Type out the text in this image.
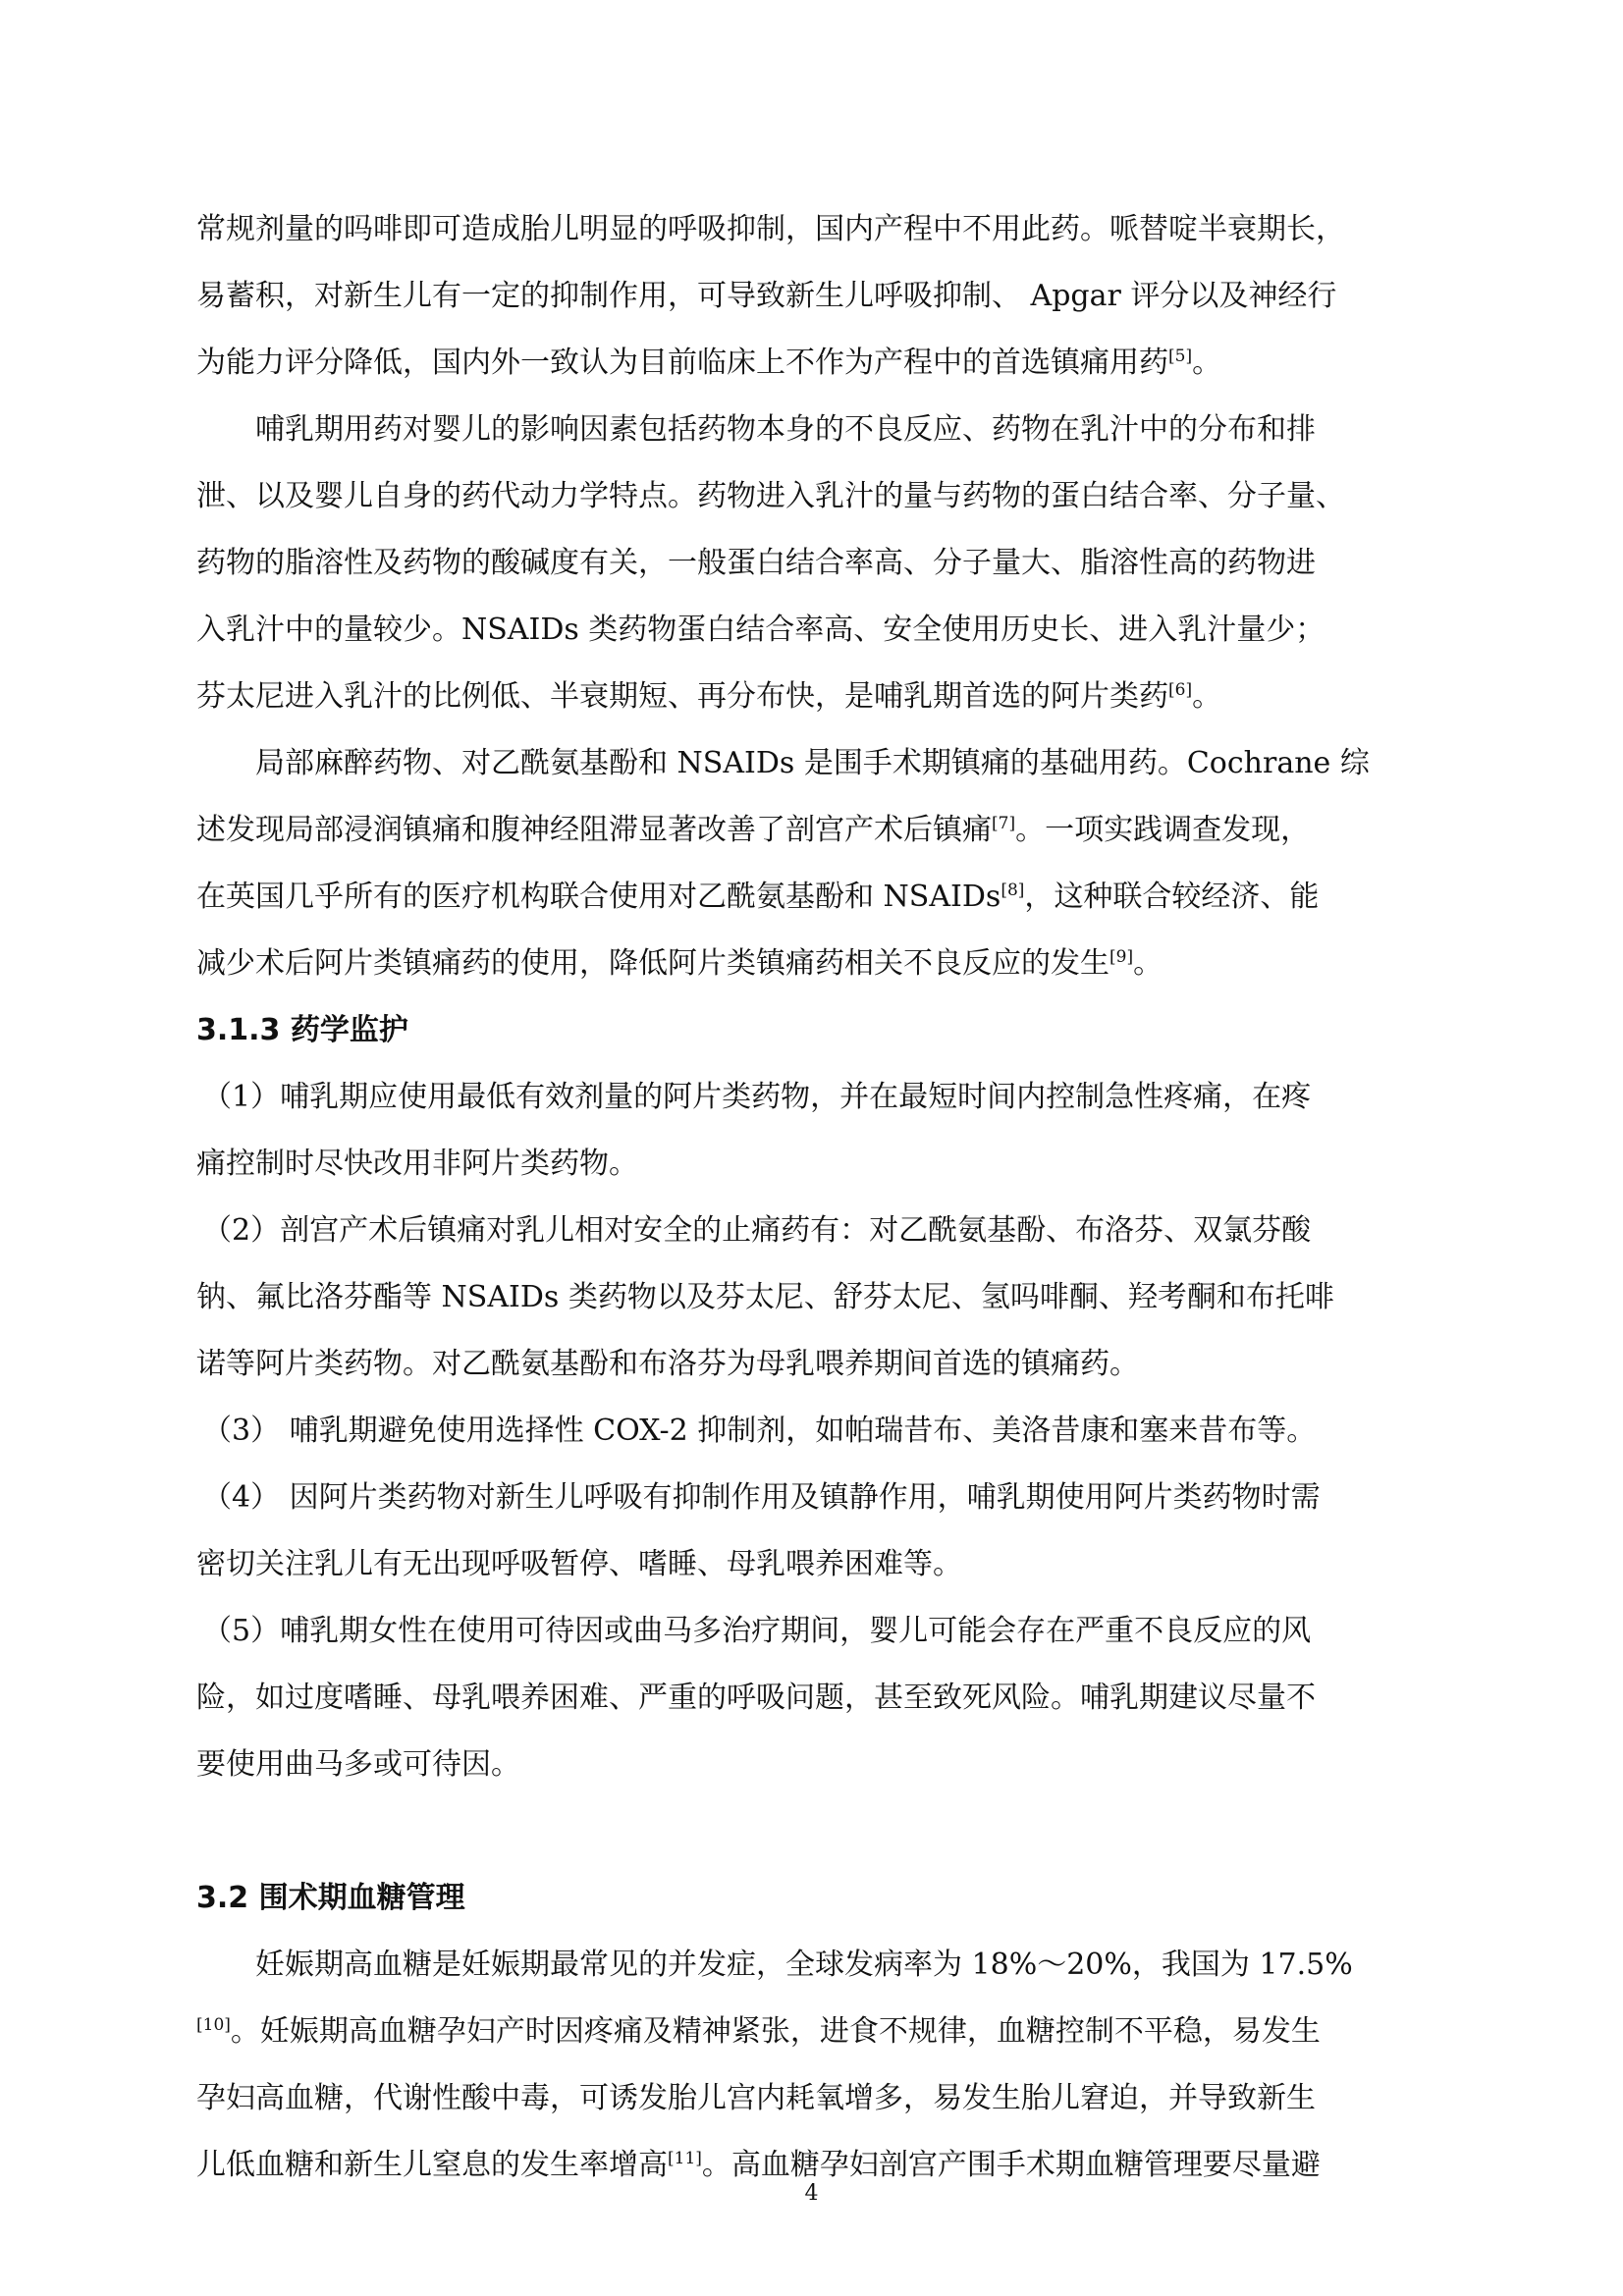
常规剂量的吗啡即可造成胎儿明显的呼吸抑制，国内产程中不用此药。哌替啶半衰期长，
易蓄积，对新生儿有一定的抑制作用，可导致新生儿呼吸抑制、 Apgar 评分以及神经行
为能力评分降低，国内外一致认为目前临床上不作为产程中的首选镇痛用药[5]。
哺乳期用药对婴儿的影响因素包括药物本身的不良反应、药物在乳汁中的分布和排
泄、以及婴儿自身的药代动力学特点。药物进入乳汁的量与药物的蛋白结合率、分子量、
药物的脂溶性及药物的酸碱度有关，一般蛋白结合率高、分子量大、脂溶性高的药物进
入乳汁中的量较少。NSAIDs 类药物蛋白结合率高、安全使用历史长、进入乳汁量少；
芬太尼进入乳汁的比例低、半衰期短、再分布快，是哺乳期首选的阿片类药[6]。
局部麻醉药物、对乙酰氨基酚和 NSAIDs 是围手术期镇痛的基础用药。Cochrane 综
述发现局部浸润镇痛和腹神经阻滞显著改善了剖宫产术后镇痛[7]。一项实践调查发现，
在英国几乎所有的医疗机构联合使用对乙酰氨基酚和 NSAIDs[8]，这种联合较经济、能
减少术后阿片类镇痛药的使用，降低阿片类镇痛药相关不良反应的发生[9]。
3.1.3 药学监护
（1）哺乳期应使用最低有效剂量的阿片类药物，并在最短时间内控制急性疼痛，在疼
痛控制时尽快改用非阿片类药物。
（2）剖宫产术后镇痛对乳儿相对安全的止痛药有：对乙酰氨基酚、布洛芬、双氯芬酸
钠、氟比洛芬酯等 NSAIDs 类药物以及芬太尼、舒芬太尼、氢吗啡酮、羟考酮和布托啡
诺等阿片类药物。对乙酰氨基酚和布洛芬为母乳喂养期间首选的镇痛药。
（3） 哺乳期避免使用选择性 COX-2 抑制剂，如帕瑞昔布、美洛昔康和塞来昔布等。
（4） 因阿片类药物对新生儿呼吸有抑制作用及镇静作用，哺乳期使用阿片类药物时需
密切关注乳儿有无出现呼吸暂停、嗜睡、母乳喂养困难等。
（5）哺乳期女性在使用可待因或曲马多治疗期间，婴儿可能会存在严重不良反应的风
险，如过度嗜睡、母乳喂养困难、严重的呼吸问题，甚至致死风险。哺乳期建议尽量不
要使用曲马多或可待因。
3.2 围术期血糖管理
妊娠期高血糖是妊娠期最常见的并发症，全球发病率为 18%～20%，我国为 17.5%
[10]。妊娠期高血糖孕妇产时因疼痛及精神紧张，进食不规律，血糖控制不平稳，易发生
孕妇高血糖，代谢性酸中毒，可诱发胎儿宫内耗氧增多，易发生胎儿窘迫，并导致新生
儿低血糖和新生儿窒息的发生率增高[11]。高血糖孕妇剖宫产围手术期血糖管理要尽量避
4
